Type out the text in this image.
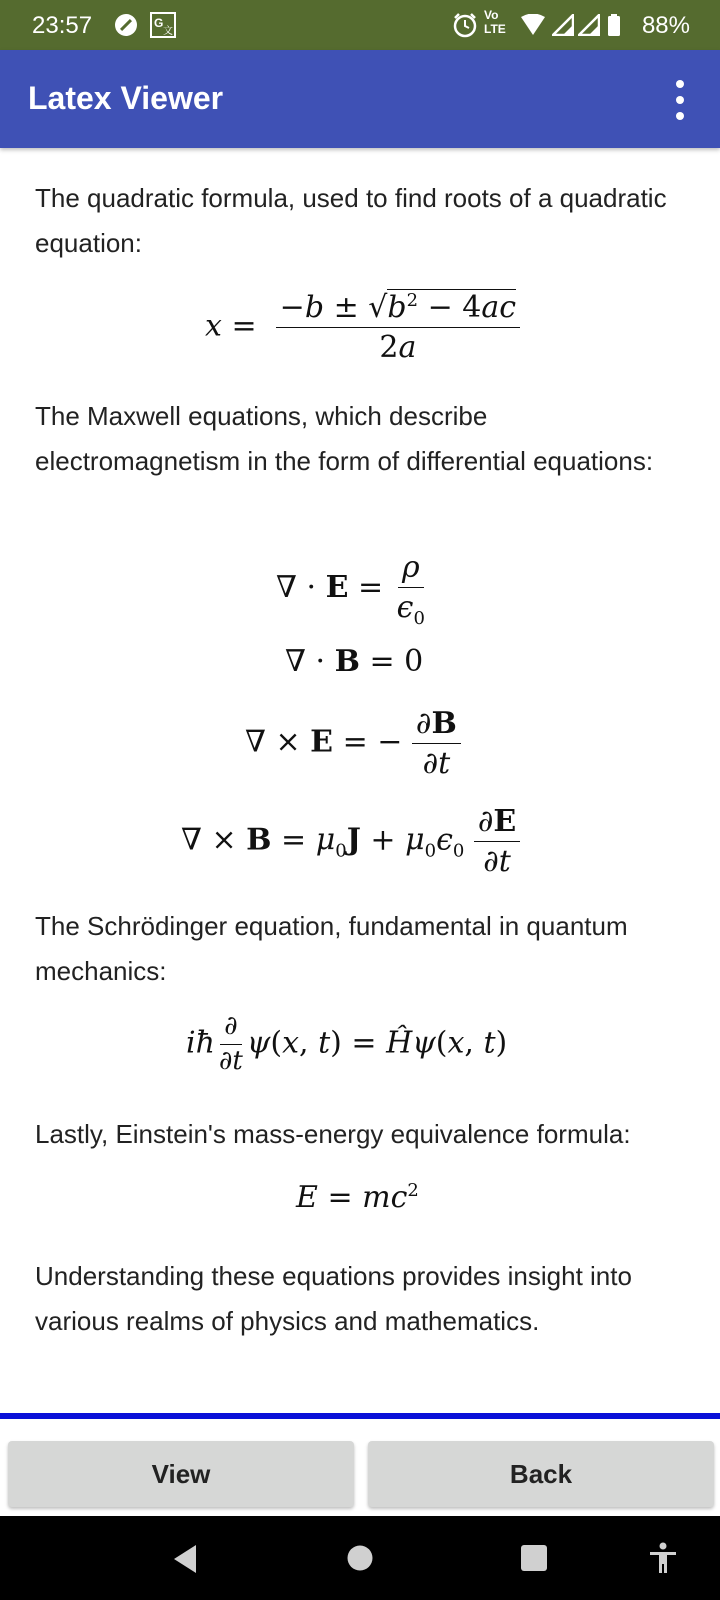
23:57	G
文
Vo
LTE	88%
Latex Viewer

The quadratic formula, used to find roots of a quadratic equation:

$x = \frac{-b \pm √b^2 - 4ac}{2a}$

The Maxwell equations, which describe electromagnetism in the form of differential equations:

∇ · $E = \frac{\rho}{\epsilon_0}$
∇ · B = 0
∇ × E = − $\frac{\partial B}{\partial t}$
∇ × $B = \mu_0J + \mu_0\epsilon_0 \frac{\partial E}{\partial t}$

The Schrödinger equation, fundamental in quantum mechanics:

iħ $\frac{\partial}{\partial t} \psi(x$, t) = Ĥψ(x, t)

Lastly, Einstein's mass-energy equivalence formula:

$E = mc^2$

Understanding these equations provides insight into various realms of physics and mathematics.

View	Back
